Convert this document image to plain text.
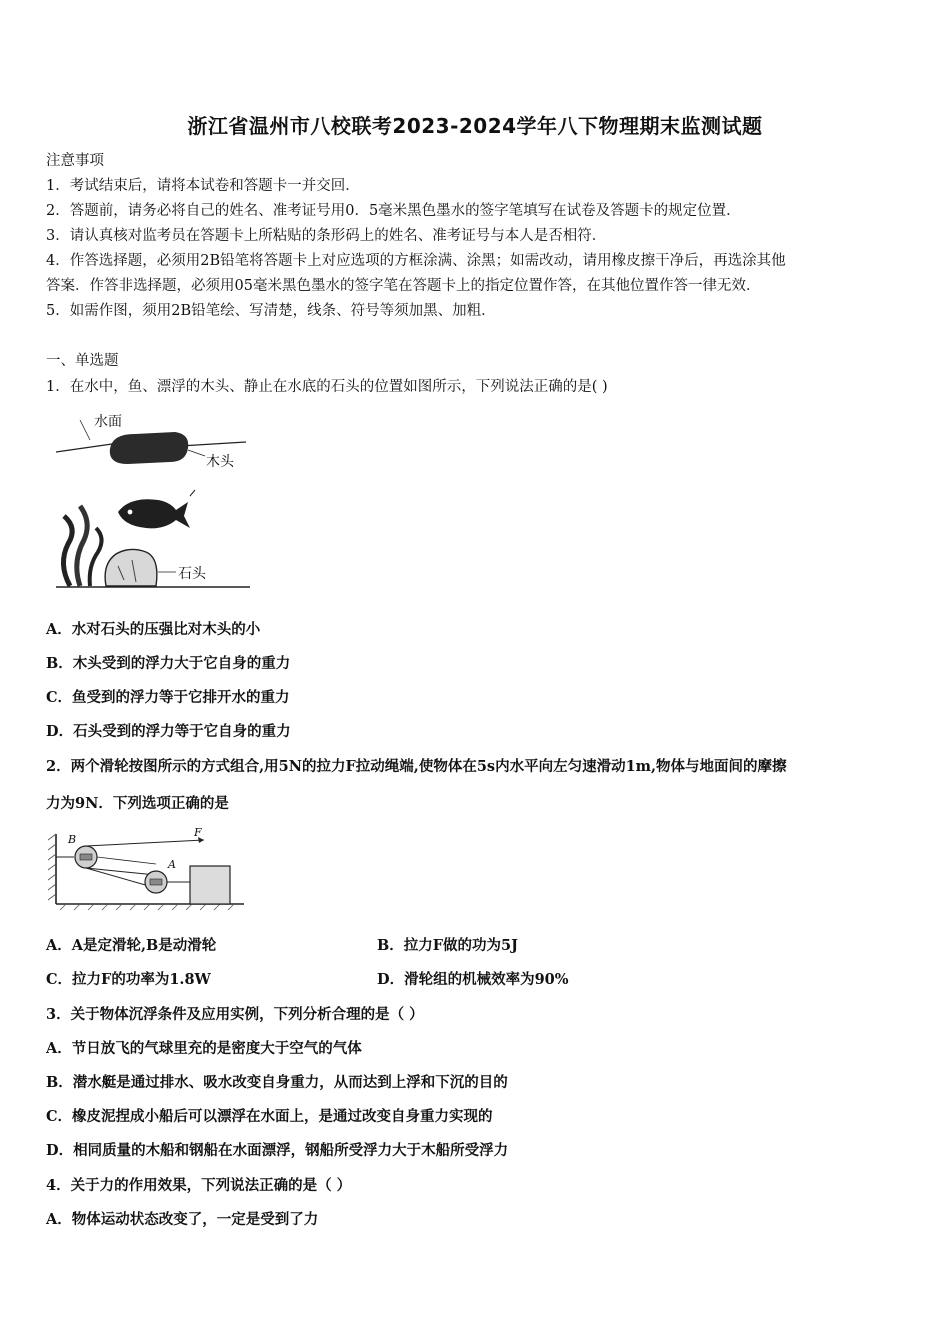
浙江省温州市八校联考2023-2024学年八下物理期末监测试题
注意事项
1．考试结束后，请将本试卷和答题卡一并交回．
2．答题前，请务必将自己的姓名、准考证号用0．5毫米黑色墨水的签字笔填写在试卷及答题卡的规定位置．
3．请认真核对监考员在答题卡上所粘贴的条形码上的姓名、准考证号与本人是否相符．
4．作答选择题，必须用2B铅笔将答题卡上对应选项的方框涂满、涂黑；如需改动，请用橡皮擦干净后，再选涂其他
答案．作答非选择题，必须用05毫米黑色墨水的签字笔在答题卡上的指定位置作答，在其他位置作答一律无效．
5．如需作图，须用2B铅笔绘、写清楚，线条、符号等须加黑、加粗．
一、单选题
1．在水中，鱼、漂浮的木头、静止在水底的石头的位置如图所示，下列说法正确的是( )
水面
木头
石头
A．水对石头的压强比对木头的小
B．木头受到的浮力大于它自身的重力
C．鱼受到的浮力等于它排开水的重力
D．石头受到的浮力等于它自身的重力
2．两个滑轮按图所示的方式组合,用5N的拉力F拉动绳端,使物体在5s内水平向左匀速滑动1m,物体与地面间的摩擦
力为9N．下列选项正确的是
B
F
A
A．A是定滑轮,B是动滑轮	B．拉力F做的功为5J
C．拉力F的功率为1.8W	D．滑轮组的机械效率为90%
3．关于物体沉浮条件及应用实例，下列分析合理的是（ ）
A．节日放飞的气球里充的是密度大于空气的气体
B．潜水艇是通过排水、吸水改变自身重力，从而达到上浮和下沉的目的
C．橡皮泥捏成小船后可以漂浮在水面上，是通过改变自身重力实现的
D．相同质量的木船和钢船在水面漂浮，钢船所受浮力大于木船所受浮力
4．关于力的作用效果，下列说法正确的是（ ）
A．物体运动状态改变了，一定是受到了力
